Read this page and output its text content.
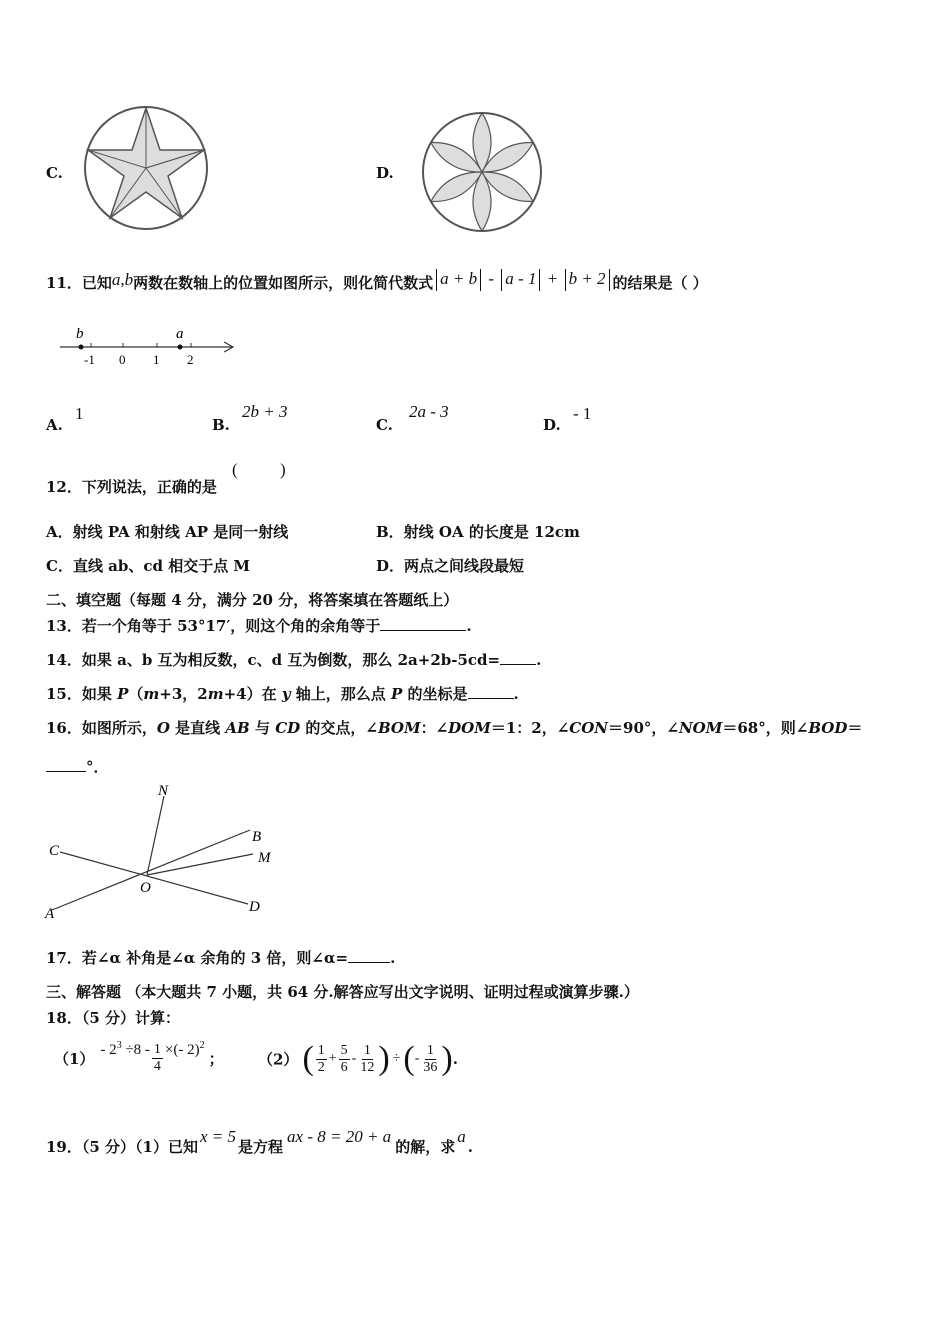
C.	D.
11．已知a,b两数在数轴上的位置如图所示，则化简代数式 a + b - a - 1 + b + 2 的结果是（ ）
b	a
-1 0 1 2
A.
1
B.
2b + 3
C.
2a - 3
D.
- 1
12．下列说法，正确的是
( )
A．射线 PA 和射线 AP 是同一射线	B．射线 OA 的长度是 12cm
C．直线 ab、cd 相交于点 M	D．两点之间线段最短
二、填空题（每题 4 分，满分 20 分，将答案填在答题纸上）
13．若一个角等于 53°17′，则这个角的余角等于	.
14．如果 a、b 互为相反数，c、d 互为倒数，那么 2a+2b-5cd= .
15．如果 P（m+3，2m+4）在 y 轴上，那么点 P 的坐标是	.
16．如图所示，O 是直线 AB 与 CD 的交点，∠BOM：∠DOM＝1：2，∠CON＝90°，∠NOM＝68°，则∠BOD＝
°．
N
B
M
C
O
A	D
17．若∠α 补角是∠α 余角的 3 倍，则∠α=	.
三、解答题 （本大题共 7 小题，共 64 分.解答应写出文字说明、证明过程或演算步骤.）
18．（5 分）计算：
（1）- $2^3 \div 8 - \frac{1}{4}$ ×(- 2)$^2$； （2） ( $\frac{1}{2} + \frac{5}{6} - \frac{1}{12}$ ) ÷(- $\frac{1}{36}$ ).
19．（5 分）（1）已知x = 5是方程ax - 8 = 20 + a的解，求a.
